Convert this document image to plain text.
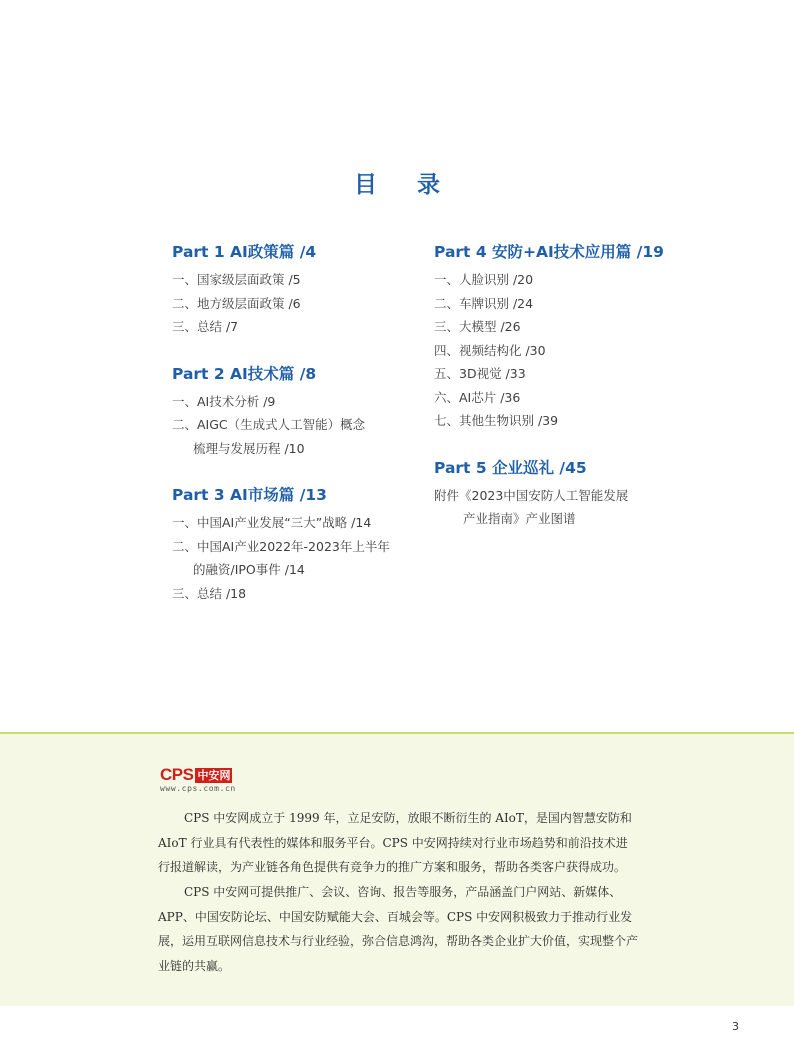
目 录
Part 1 AI政策篇 /4
一、国家级层面政策 /5
二、地方级层面政策 /6
三、总结 /7
Part 2 AI技术篇 /8
一、AI技术分析 /9
二、AIGC（生成式人工智能）概念
梳理与发展历程 /10
Part 3 AI市场篇 /13
一、中国AI产业发展“三大”战略 /14
二、中国AI产业2022年-2023年上半年
的融资/IPO事件 /14
三、总结 /18
Part 4 安防+AI技术应用篇 /19
一、人脸识别 /20
二、车牌识别 /24
三、大模型 /26
四、视频结构化 /30
五、3D视觉 /33
六、AI芯片 /36
七、其他生物识别 /39
Part 5 企业巡礼 /45
附件《2023中国安防人工智能发展
产业指南》产业图谱
CPS 中安网
www.cps.com.cn

CPS 中安网成立于 1999 年，立足安防，放眼不断衍生的 AIoT，是国内智慧安防和 AIoT 行业具有代表性的媒体和服务平台。CPS 中安网持续对行业市场趋势和前沿技术进行报道解读，为产业链各角色提供有竞争力的推广方案和服务，帮助各类客户获得成功。

CPS 中安网可提供推广、会议、咨询、报告等服务，产品涵盖门户网站、新媒体、APP、中国安防论坛、中国安防赋能大会、百城会等。CPS 中安网积极致力于推动行业发展，运用互联网信息技术与行业经验，弥合信息鸿沟，帮助各类企业扩大价值，实现整个产业链的共赢。

3
